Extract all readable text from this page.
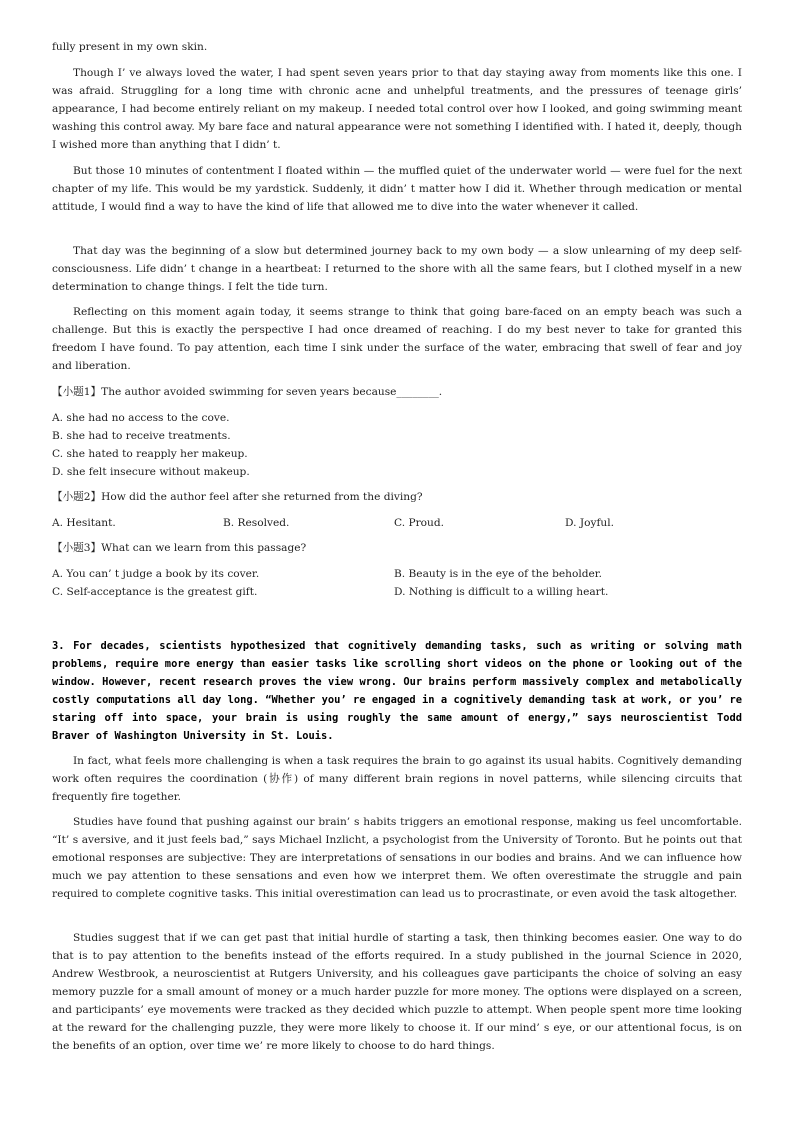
fully present in my own skin.

Though I’ ve always loved the water, I had spent seven years prior to that day staying away from moments like this one. I was afraid. Struggling for a long time with chronic acne and unhelpful treatments, and the pressures of teenage girls’ appearance, I had become entirely reliant on my makeup. I needed total control over how I looked, and going swimming meant washing this control away. My bare face and natural appearance were not something I identified with. I hated it, deeply, though I wished more than anything that I didn’ t.

But those 10 minutes of contentment I floated within — the muffled quiet of the underwater world — were fuel for the next chapter of my life. This would be my yardstick. Suddenly, it didn’ t matter how I did it. Whether through medication or mental attitude, I would find a way to have the kind of life that allowed me to dive into the water whenever it called.

That day was the beginning of a slow but determined journey back to my own body — a slow unlearning of my deep self-consciousness. Life didn’ t change in a heartbeat: I returned to the shore with all the same fears, but I clothed myself in a new determination to change things. I felt the tide turn.

Reflecting on this moment again today, it seems strange to think that going bare-faced on an empty beach was such a challenge. But this is exactly the perspective I had once dreamed of reaching. I do my best never to take for granted this freedom I have found. To pay attention, each time I sink under the surface of the water, embracing that swell of fear and joy and liberation.

【小题1】The author avoided swimming for seven years because________.

A. she had no access to the cove.

B. she had to receive treatments.

C. she hated to reapply her makeup.

D. she felt insecure without makeup.

【小题2】How did the author feel after she returned from the diving?

A. Hesitant.	B. Resolved.	C. Proud.	D. Joyful.

【小题3】What can we learn from this passage?

A. You can’ t judge a book by its cover.	B. Beauty is in the eye of the beholder.

C. Self-acceptance is the greatest gift.	D. Nothing is difficult to a willing heart.

3. For decades, scientists hypothesized that cognitively demanding tasks, such as writing or solving math problems, require more energy than easier tasks like scrolling short videos on the phone or looking out of the window. However, recent research proves the view wrong. Our brains perform massively complex and metabolically costly computations all day long. “Whether you’ re engaged in a cognitively demanding task at work, or you’ re staring off into space, your brain is using roughly the same amount of energy,” says neuroscientist Todd Braver of Washington University in St. Louis.

In fact, what feels more challenging is when a task requires the brain to go against its usual habits. Cognitively demanding work often requires the coordination (协作) of many different brain regions in novel patterns, while silencing circuits that frequently fire together.

Studies have found that pushing against our brain’ s habits triggers an emotional response, making us feel uncomfortable. “It’ s aversive, and it just feels bad,” says Michael Inzlicht, a psychologist from the University of Toronto. But he points out that emotional responses are subjective: They are interpretations of sensations in our bodies and brains. And we can influence how much we pay attention to these sensations and even how we interpret them. We often overestimate the struggle and pain required to complete cognitive tasks. This initial overestimation can lead us to procrastinate, or even avoid the task altogether.

Studies suggest that if we can get past that initial hurdle of starting a task, then thinking becomes easier. One way to do that is to pay attention to the benefits instead of the efforts required. In a study published in the journal Science in 2020, Andrew Westbrook, a neuroscientist at Rutgers University, and his colleagues gave participants the choice of solving an easy memory puzzle for a small amount of money or a much harder puzzle for more money. The options were displayed on a screen, and participants’ eye movements were tracked as they decided which puzzle to attempt. When people spent more time looking at the reward for the challenging puzzle, they were more likely to choose it. If our mind’ s eye, or our attentional focus, is on the benefits of an option, over time we’ re more likely to choose to do hard things.
